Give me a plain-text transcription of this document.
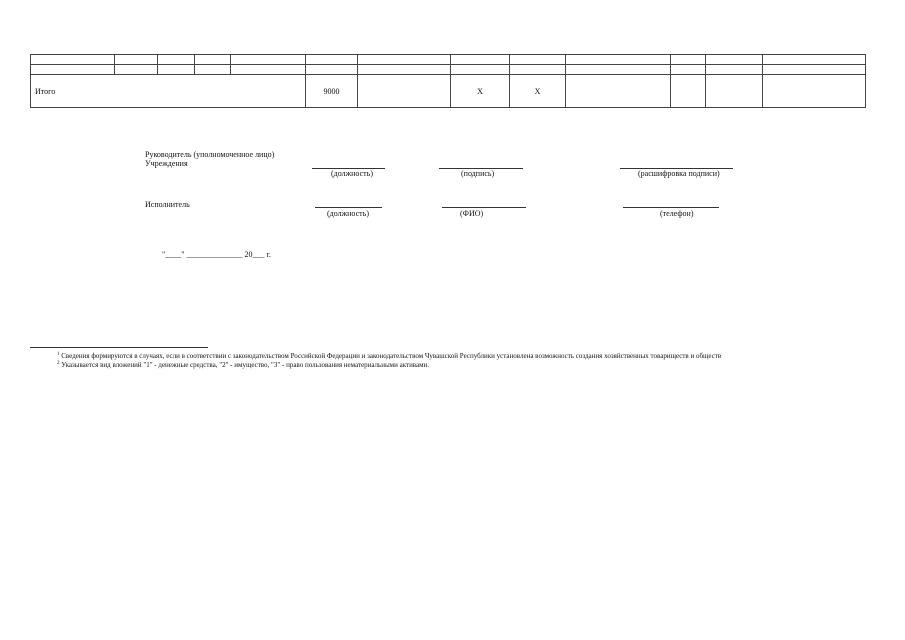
Итого					9000		X	X				
Руководитель (уполномоченное лицо)
Учреждения
(должность)	(подпись)	(расшифровка подписи)
Исполнитель
(должность)	(ФИО)	(телефон)
"____" ______________ 20___ г.
$^1$ Сведения формируются в случаях, если в соответствии с законодательством Российской Федерации и законодательством Чувашской Республики установлена возможность создания хозяйственных товариществ и обществ
$^2$ Указывается вид вложений "1" - денежные средства, "2" - имущество, "3" - право пользования нематериальными активами.
